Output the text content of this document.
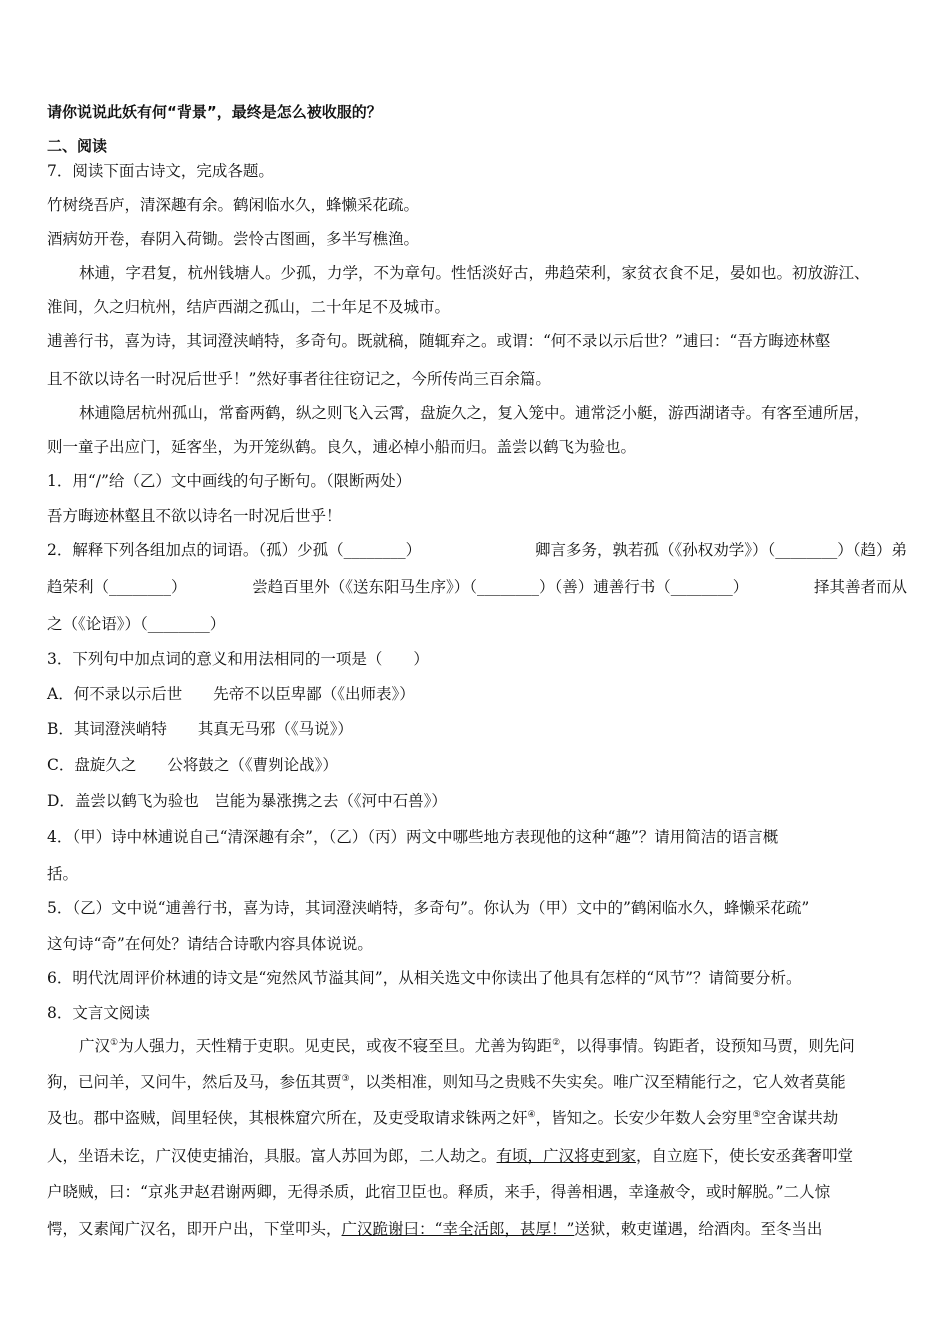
请你说说此妖有何“背景”，最终是怎么被收服的？
二、阅读
7．阅读下面古诗文，完成各题。
竹树绕吾庐，清深趣有余。鹤闲临水久，蜂懒采花疏。
酒病妨开卷，春阴入荷锄。尝怜古图画，多半写樵渔。
林逋，字君复，杭州钱塘人。少孤，力学，不为章句。性恬淡好古，弗趋荣利，家贫衣食不足，晏如也。初放游江、
淮间，久之归杭州，结庐西湖之孤山，二十年足不及城市。
逋善行书，喜为诗，其词澄浃峭特，多奇句。既就稿，随辄弃之。或谓：“何不录以示后世？”逋曰：“吾方晦迹林壑
且不欲以诗名一时况后世乎！”然好事者往往窃记之，今所传尚三百余篇。
林逋隐居杭州孤山，常畜两鹤，纵之则飞入云霄，盘旋久之，复入笼中。逋常泛小艇，游西湖诸寺。有客至逋所居，
则一童子出应门，延客坐，为开笼纵鹤。良久，逋必棹小船而归。盖尝以鹤飞为验也。
1．用“/”给（乙）文中画线的句子断句。（限断两处）
吾方晦迹林壑且不欲以诗名一时况后世乎！
2．解释下列各组加点的词语。（孤）少孤（________）	卿言多务，孰若孤（《孙权劝学》）（________）（趋）弟
趋荣利（________）	尝趋百里外（《送东阳马生序》）（________）（善）逋善行书（________）	择其善者而从
之（《论语》）（________）
3．下列句中加点词的意义和用法相同的一项是（　　）
A．何不录以示后世　　先帝不以臣卑鄙（《出师表》）
B．其词澄浃峭特　　其真无马邪（《马说》）
C．盘旋久之　　公将鼓之（《曹刿论战》）
D．盖尝以鹤飞为验也　岂能为暴涨携之去（《河中石兽》）
4．（甲）诗中林逋说自己“清深趣有余”，（乙）（丙）两文中哪些地方表现他的这种“趣”？请用简洁的语言概
括。
5．（乙）文中说“逋善行书，喜为诗，其词澄浃峭特，多奇句”。你认为（甲）文中的”鹤闲临水久，蜂懒采花疏”
这句诗“奇”在何处？请结合诗歌内容具体说说。
6．明代沈周评价林逋的诗文是“宛然风节溢其间”，从相关选文中你读出了他具有怎样的“风节”？请简要分析。
8．文言文阅读
广汉①为人强力，天性精于吏职。见吏民，或夜不寝至旦。尤善为钩距②，以得事情。钩距者，设预知马贾，则先问
狗，已问羊，又问牛，然后及马，参伍其贾③，以类相准，则知马之贵贱不失实矣。唯广汉至精能行之，它人效者莫能
及也。郡中盗贼，闾里轻侠，其根株窟穴所在，及吏受取请求铢两之奸④，皆知之。长安少年数人会穷里⑤空舍谋共劫
人，坐语未讫，广汉使吏捕治，具服。富人苏回为郎，二人劫之。有顷，广汉将吏到家，自立庭下，使长安丞龚奢叩堂
户晓贼，曰：“京兆尹赵君谢两卿，无得杀质，此宿卫臣也。释质，来手，得善相遇，幸逢赦令，或时解脱。”二人惊
愕，又素闻广汉名，即开户出，下堂叩头，广汉跪谢曰：“幸全活郎，甚厚！”送狱，敕吏谨遇，给酒肉。至冬当出
